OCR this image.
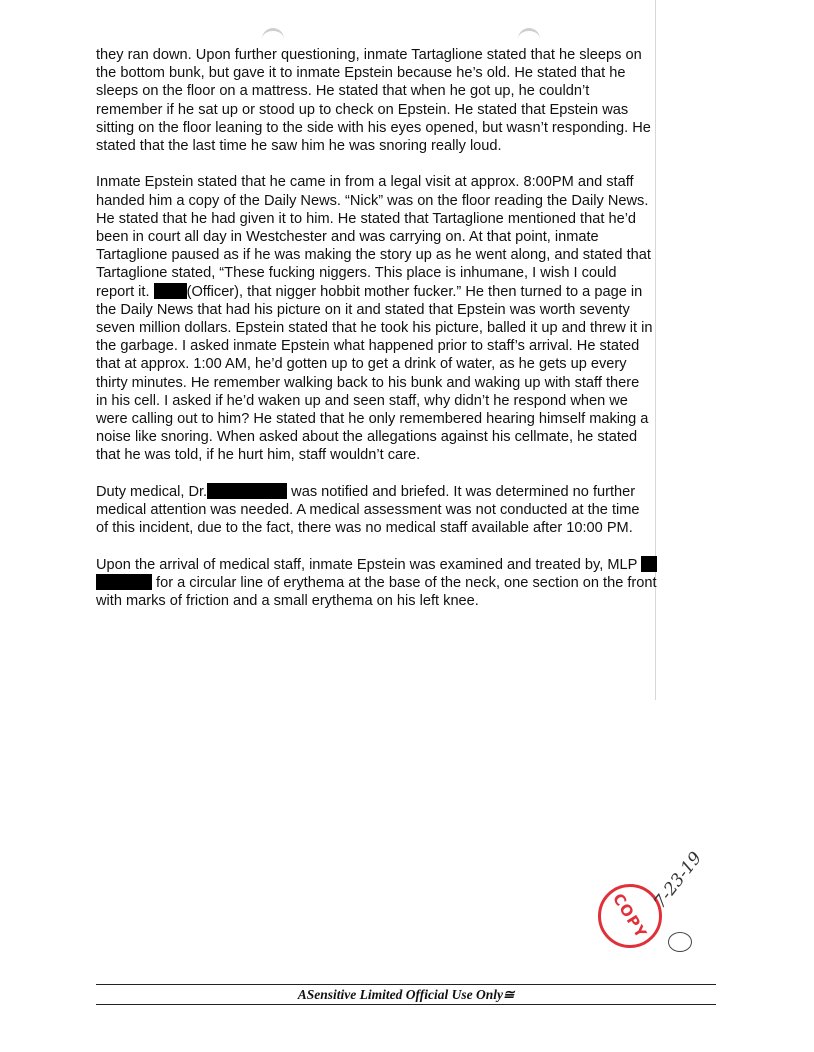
they ran down. Upon further questioning, inmate Tartaglione stated that he sleeps on
the bottom bunk, but gave it to inmate Epstein because he’s old. He stated that he
sleeps on the floor on a mattress. He stated that when he got up, he couldn’t
remember if he sat up or stood up to check on Epstein. He stated that Epstein was
sitting on the floor leaning to the side with his eyes opened, but wasn’t responding. He
stated that the last time he saw him he was snoring really loud.
Inmate Epstein stated that he came in from a legal visit at approx. 8:00PM and staff
handed him a copy of the Daily News. “Nick” was on the floor reading the Daily News.
He stated that he had given it to him. He stated that Tartaglione mentioned that he’d
been in court all day in Westchester and was carrying on. At that point, inmate
Tartaglione paused as if he was making the story up as he went along, and stated that
Tartaglione stated, “These fucking niggers. This place is inhumane, I wish I could
report it. (Officer), that nigger hobbit mother fucker.” He then turned to a page in
the Daily News that had his picture on it and stated that Epstein was worth seventy
seven million dollars. Epstein stated that he took his picture, balled it up and threw it in
the garbage. I asked inmate Epstein what happened prior to staff’s arrival. He stated
that at approx. 1:00 AM, he’d gotten up to get a drink of water, as he gets up every
thirty minutes. He remember walking back to his bunk and waking up with staff there
in his cell. I asked if he’d waken up and seen staff, why didn’t he respond when we
were calling out to him? He stated that he only remembered hearing himself making a
noise like snoring. When asked about the allegations against his cellmate, he stated
that he was told, if he hurt him, staff wouldn’t care.
Duty medical, Dr.	was notified and briefed. It was determined no further
medical attention was needed. A medical assessment was not conducted at the time
of this incident, due to the fact, there was no medical staff available after 10:00 PM.
Upon the arrival of medical staff, inmate Epstein was examined and treated by, MLP
for a circular line of erythema at the base of the neck, one section on the front
with marks of friction and a small erythema on his left knee.
COPY
7-23-19
ASensitive Limited Official Use Only≅
